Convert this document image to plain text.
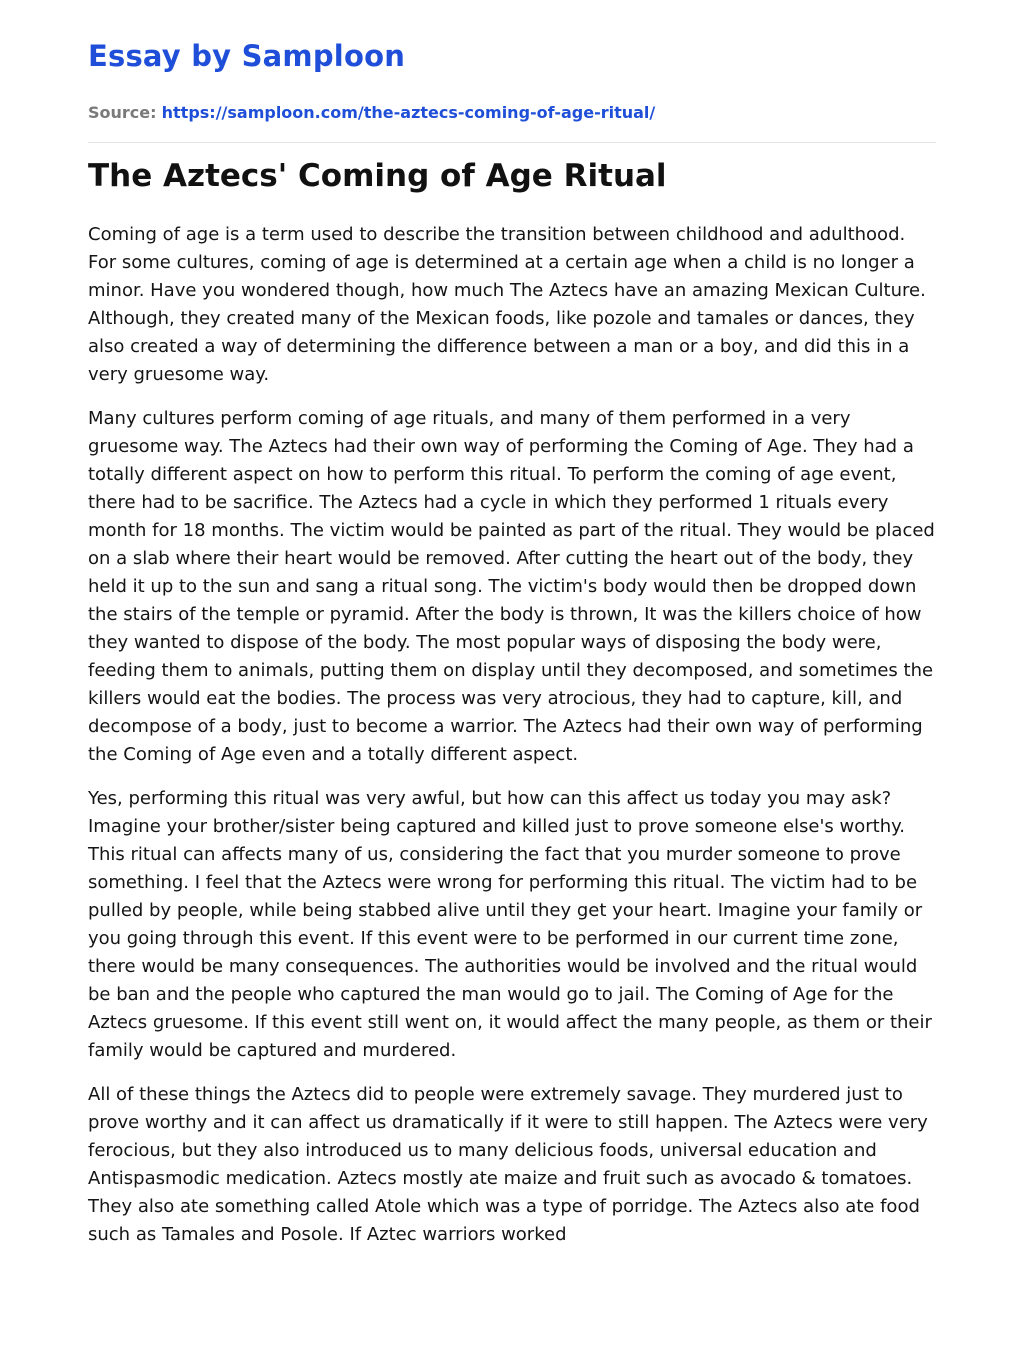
Essay by Samploon
Source: https://samploon.com/the-aztecs-coming-of-age-ritual/
The Aztecs' Coming of Age Ritual

Coming of age is a term used to describe the transition between childhood and adulthood. For some cultures, coming of age is determined at a certain age when a child is no longer a minor. Have you wondered though, how much The Aztecs have an amazing Mexican Culture. Although, they created many of the Mexican foods, like pozole and tamales or dances, they also created a way of determining the difference between a man or a boy, and did this in a very gruesome way.

Many cultures perform coming of age rituals, and many of them performed in a very gruesome way. The Aztecs had their own way of performing the Coming of Age. They had a totally different aspect on how to perform this ritual. To perform the coming of age event, there had to be sacrifice. The Aztecs had a cycle in which they performed 1 rituals every month for 18 months. The victim would be painted as part of the ritual. They would be placed on a slab where their heart would be removed. After cutting the heart out of the body, they held it up to the sun and sang a ritual song. The victim's body would then be dropped down the stairs of the temple or pyramid. After the body is thrown, It was the killers choice of how they wanted to dispose of the body. The most popular ways of disposing the body were, feeding them to animals, putting them on display until they decomposed, and sometimes the killers would eat the bodies. The process was very atrocious, they had to capture, kill, and decompose of a body, just to become a warrior. The Aztecs had their own way of performing the Coming of Age even and a totally different aspect.

Yes, performing this ritual was very awful, but how can this affect us today you may ask? Imagine your brother/sister being captured and killed just to prove someone else's worthy. This ritual can affects many of us, considering the fact that you murder someone to prove something. I feel that the Aztecs were wrong for performing this ritual. The victim had to be pulled by people, while being stabbed alive until they get your heart. Imagine your family or you going through this event. If this event were to be performed in our current time zone, there would be many consequences. The authorities would be involved and the ritual would be ban and the people who captured the man would go to jail. The Coming of Age for the Aztecs gruesome. If this event still went on, it would affect the many people, as them or their family would be captured and murdered.

All of these things the Aztecs did to people were extremely savage. They murdered just to prove worthy and it can affect us dramatically if it were to still happen. The Aztecs were very ferocious, but they also introduced us to many delicious foods, universal education and Antispasmodic medication. Aztecs mostly ate maize and fruit such as avocado & tomatoes. They also ate something called Atole which was a type of porridge. The Aztecs also ate food such as Tamales and Posole. If Aztec warriors worked
